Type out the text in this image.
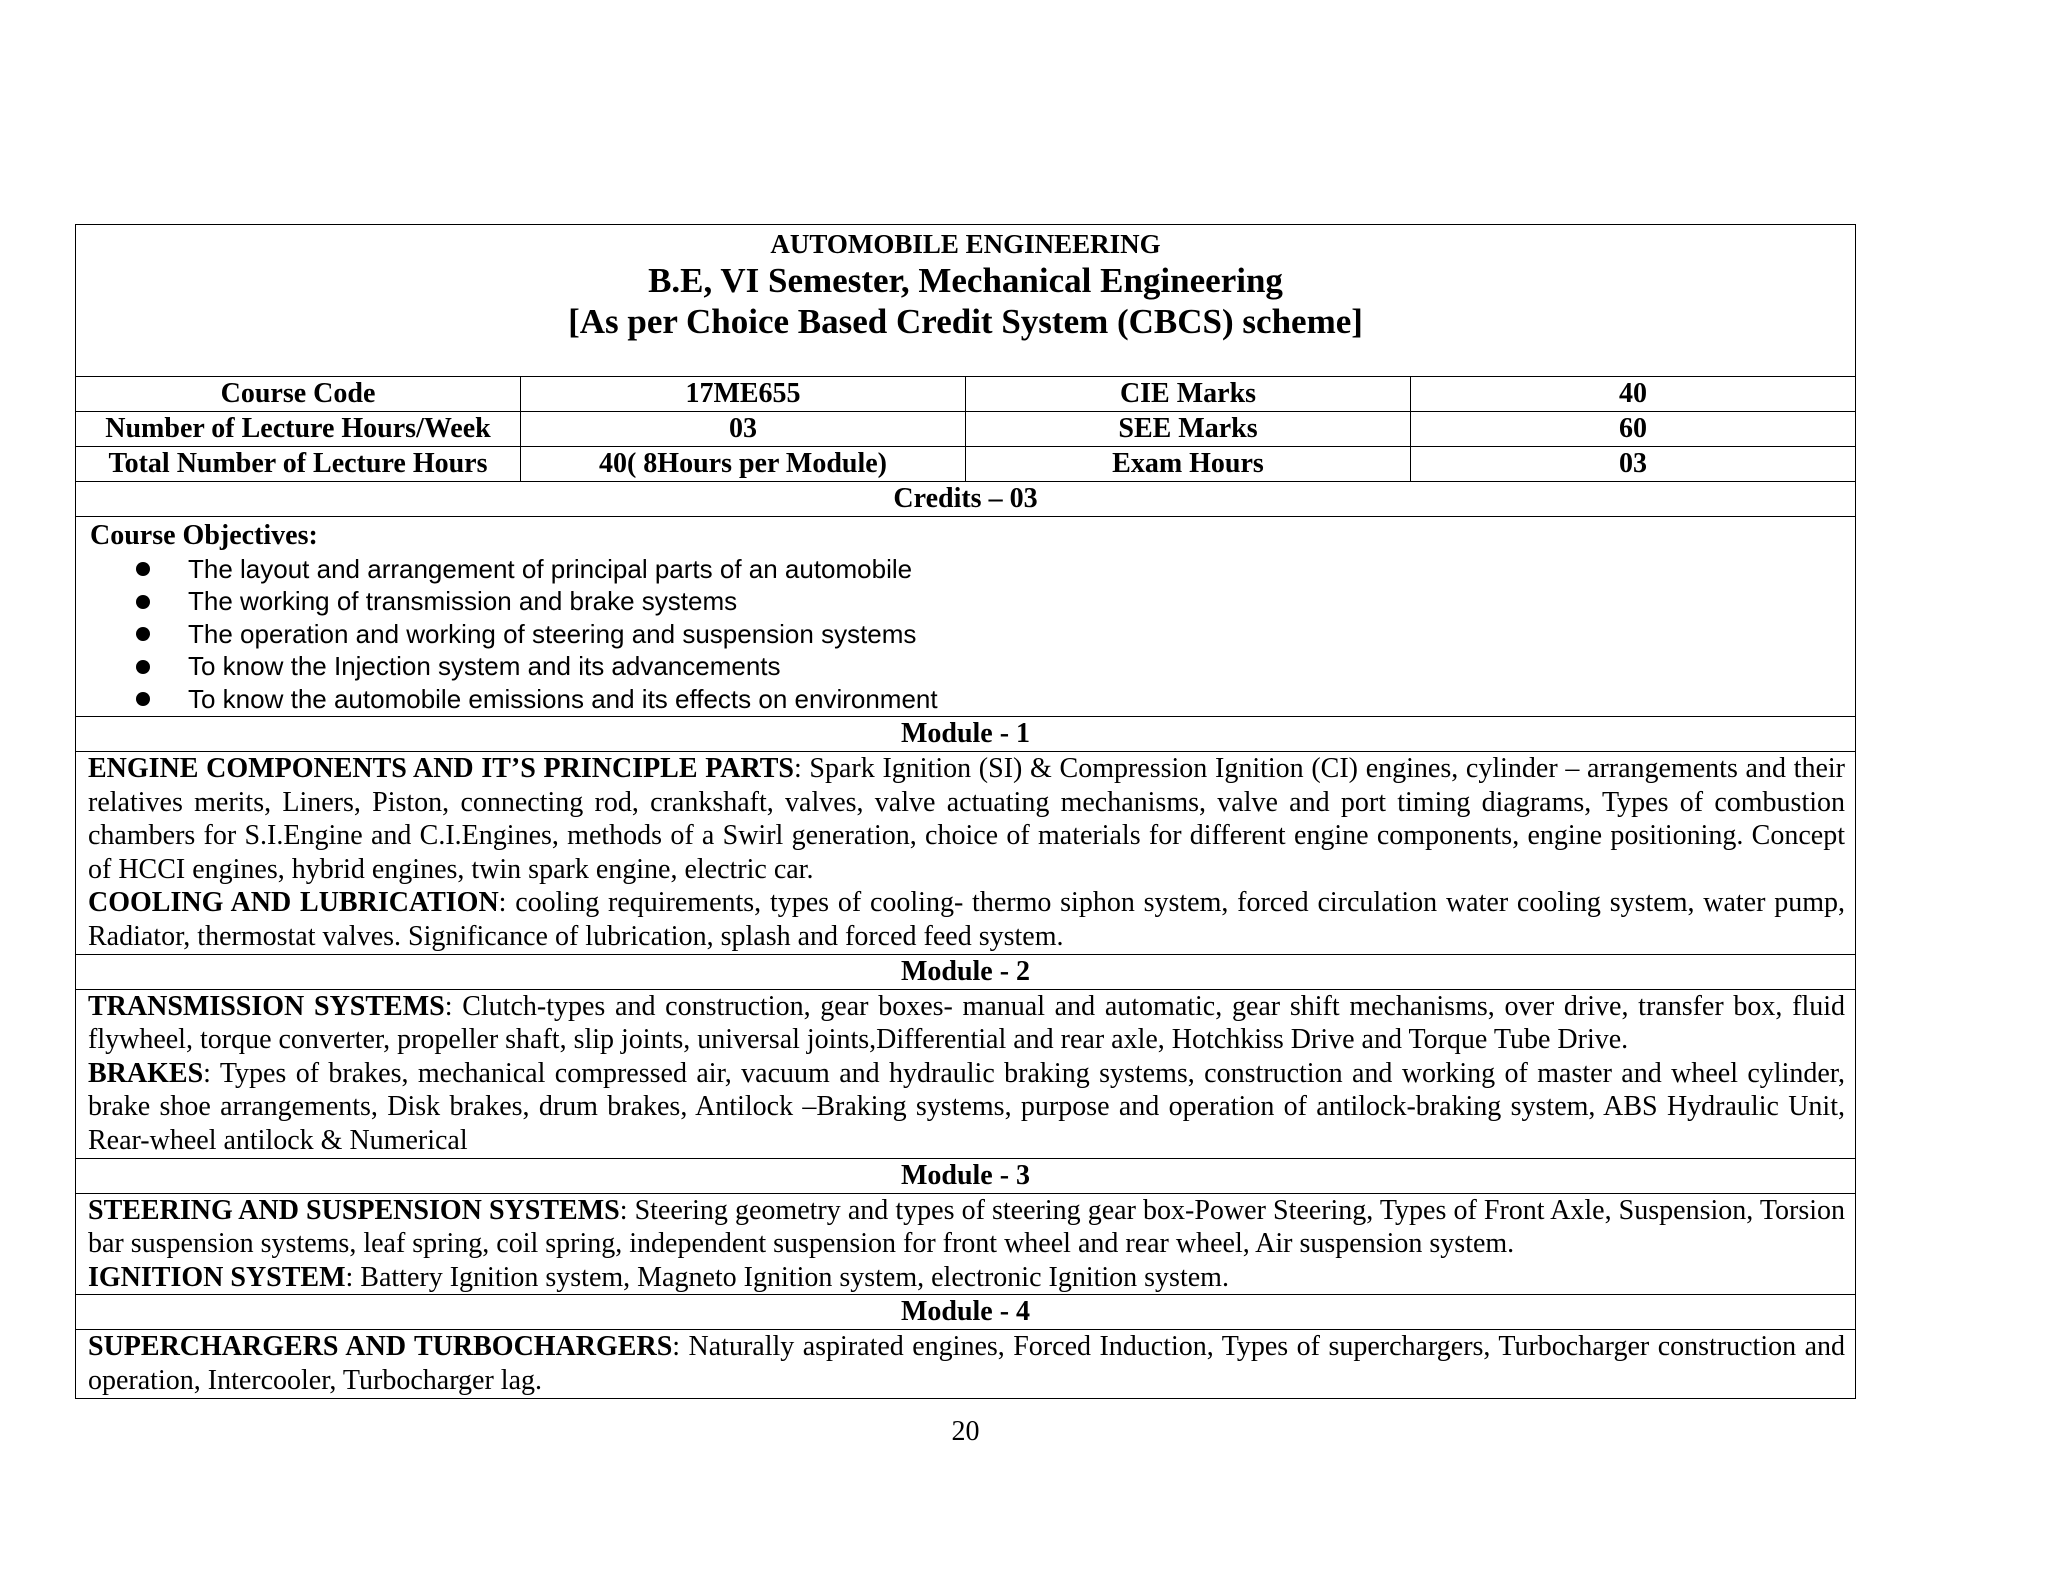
AUTOMOBILE ENGINEERING
B.E, VI Semester, Mechanical Engineering
[As per Choice Based Credit System (CBCS) scheme]
Course Code	17ME655	CIE Marks	40
Number of Lecture Hours/Week	03	SEE Marks	60
Total Number of Lecture Hours	40( 8Hours per Module)	Exam Hours	03
Credits – 03
Course Objectives:
The layout and arrangement of principal parts of an automobile
The working of transmission and brake systems
The operation and working of steering and suspension systems
To know the Injection system and its advancements
To know the automobile emissions and its effects on environment
Module - 1

ENGINE COMPONENTS AND IT’S PRINCIPLE PARTS: Spark Ignition (SI) & Compression Ignition (CI) engines, cylinder – arrangements and their relatives merits, Liners, Piston, connecting rod, crankshaft, valves, valve actuating mechanisms, valve and port timing diagrams, Types of combustion chambers for S.I.Engine and C.I.Engines, methods of a Swirl generation, choice of materials for different engine components, engine positioning. Concept of HCCI engines, hybrid engines, twin spark engine, electric car.

COOLING AND LUBRICATION: cooling requirements, types of cooling- thermo siphon system, forced circulation water cooling system, water pump, Radiator, thermostat valves. Significance of lubrication, splash and forced feed system.

Module - 2

TRANSMISSION SYSTEMS: Clutch-types and construction, gear boxes- manual and automatic, gear shift mechanisms, over drive, transfer box, fluid flywheel, torque converter, propeller shaft, slip joints, universal joints,Differential and rear axle, Hotchkiss Drive and Torque Tube Drive.

BRAKES: Types of brakes, mechanical compressed air, vacuum and hydraulic braking systems, construction and working of master and wheel cylinder, brake shoe arrangements, Disk brakes, drum brakes, Antilock –Braking systems, purpose and operation of antilock-braking system, ABS Hydraulic Unit, Rear-wheel antilock & Numerical

Module - 3

STEERING AND SUSPENSION SYSTEMS: Steering geometry and types of steering gear box-Power Steering, Types of Front Axle, Suspension, Torsion bar suspension systems, leaf spring, coil spring, independent suspension for front wheel and rear wheel, Air suspension system.

IGNITION SYSTEM: Battery Ignition system, Magneto Ignition system, electronic Ignition system.

Module - 4

SUPERCHARGERS AND TURBOCHARGERS: Naturally aspirated engines, Forced Induction, Types of superchargers, Turbocharger construction and operation, Intercooler, Turbocharger lag.

20
